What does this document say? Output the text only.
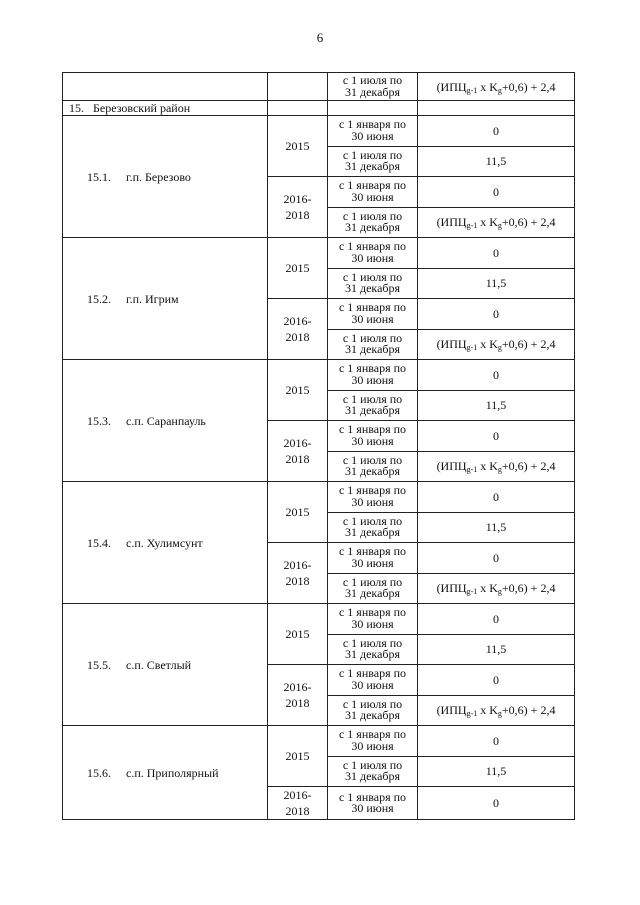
6
		с 1 июля по
31 декабря	($ИПЦ_{g-1}$ x $K_g+0,6) + 2,4$
15. Березовский район			
15.1. г.п. Березово	2015	с 1 января по
30 июня	0
		с 1 июля по
31 декабря	11,5
	2016-
2018	с 1 января по
30 июня	0
		с 1 июля по
31 декабря	($ИПЦ_{g-1}$ x $K_g+0,6) + 2,4$
15.2. г.п. Игрим	2015	с 1 января по
30 июня	0
		с 1 июля по
31 декабря	11,5
	2016-
2018	с 1 января по
30 июня	0
		с 1 июля по
31 декабря	($ИПЦ_{g-1}$ x $K_g+0,6) + 2,4$
15.3. с.п. Саранпауль	2015	с 1 января по
30 июня	0
		с 1 июля по
31 декабря	11,5
	2016-
2018	с 1 января по
30 июня	0
		с 1 июля по
31 декабря	($ИПЦ_{g-1}$ x $K_g+0,6) + 2,4$
15.4. с.п. Хулимсунт	2015	с 1 января по
30 июня	0
		с 1 июля по
31 декабря	11,5
	2016-
2018	с 1 января по
30 июня	0
		с 1 июля по
31 декабря	($ИПЦ_{g-1}$ x $K_g+0,6) + 2,4$
15.5. с.п. Светлый	2015	с 1 января по
30 июня	0
		с 1 июля по
31 декабря	11,5
	2016-
2018	с 1 января по
30 июня	0
		с 1 июля по
31 декабря	($ИПЦ_{g-1}$ x $K_g+0,6) + 2,4$
15.6. с.п. Приполярный	2015	с 1 января по
30 июня	0
		с 1 июля по
31 декабря	11,5
	2016-
2018	с 1 января по
30 июня	0
